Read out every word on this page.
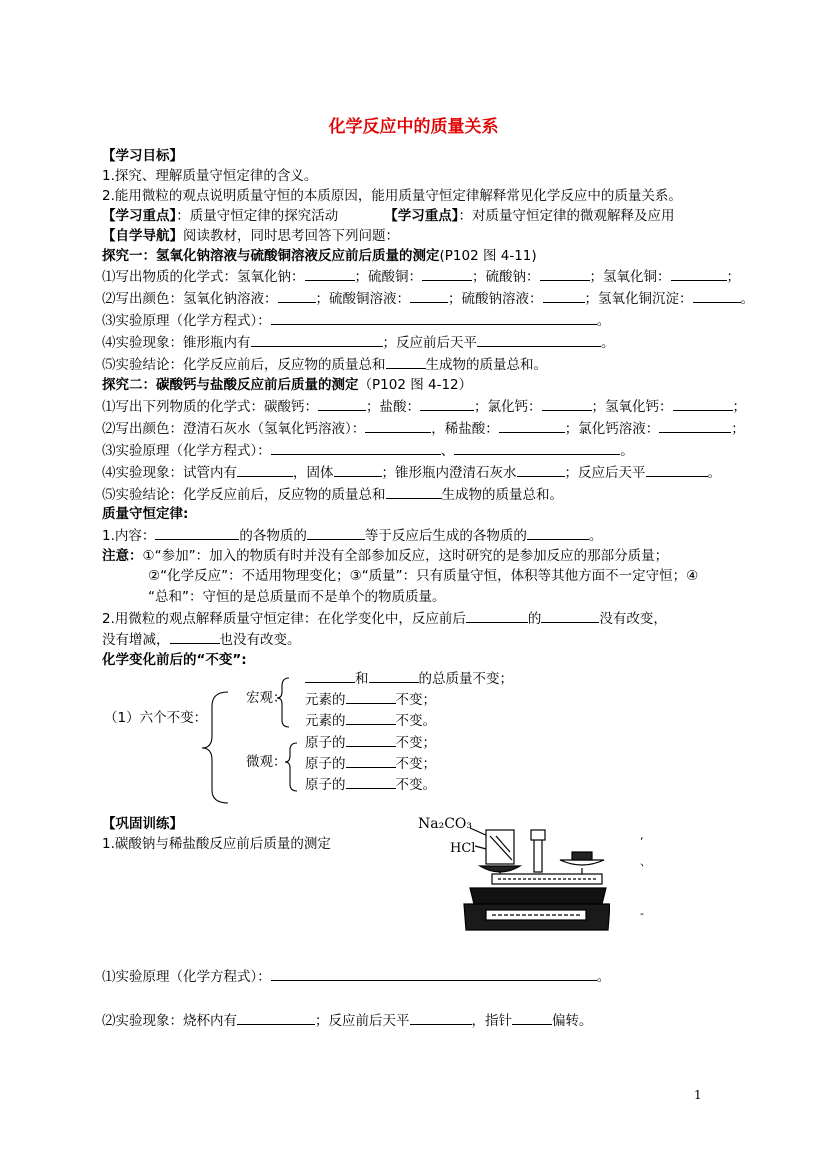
化学反应中的质量关系
【学习目标】
1.探究、理解质量守恒定律的含义。
2.能用微粒的观点说明质量守恒的本质原因，能用质量守恒定律解释常见化学反应中的质量关系。
【学习重点】：质量守恒定律的探究活动	【学习重点】：对质量守恒定律的微观解释及应用
【自学导航】阅读教材，同时思考回答下列问题：
探究一：氢氧化钠溶液与硫酸铜溶液反应前后质量的测定(P102 图 4-11)
⑴写出物质的化学式：氢氧化钠：	；硫酸铜：	；硫酸钠：	；氢氧化铜：	；
⑵写出颜色：氢氧化钠溶液：	；硫酸铜溶液：	；硫酸钠溶液：	；氢氧化铜沉淀：	。
⑶实验原理（化学方程式）：	。
⑷实验现象：锥形瓶内有	；反应前后天平	。
⑸实验结论：化学反应前后，反应物的质量总和	生成物的质量总和。
探究二：碳酸钙与盐酸反应前后质量的测定（P102 图 4-12）
⑴写出下列物质的化学式：碳酸钙：	；盐酸：	；氯化钙：	；氢氧化钙：	；
⑵写出颜色：澄清石灰水（氢氧化钙溶液）：	，稀盐酸：	；氯化钙溶液：	；
⑶实验原理（化学方程式）：	、	。
⑷实验现象：试管内有	，固体	；锥形瓶内澄清石灰水	；反应后天平	。
⑸实验结论：化学反应前后，反应物的质量总和	生成物的质量总和。
质量守恒定律:
1.内容：	的各物质的	等于反应后生成的各物质的	。
注意：①“参加”：加入的物质有时并没有全部参加反应，这时研究的是参加反应的那部分质量；
②“化学反应”：不适用物理变化；③“质量”：只有质量守恒，体积等其他方面不一定守恒；④
“总和”：守恒的是总质量而不是单个的物质质量。
2.用微粒的观点解释质量守恒定律：在化学变化中，反应前后	的	没有改变，
没有增减，	也没有改变。
化学变化前后的“不变”:
（1）六个不变：
宏观：
微观：
和	的总质量不变；
元素的	不变；
元素的	不变。
原子的	不变；
原子的	不变；
原子的	不变。
【巩固训练】
1.碳酸钠与稀盐酸反应前后质量的测定
Na₂CO₃
HCl
,
、
-
⑴实验原理（化学方程式）：	。
⑵实验现象：烧杯内有	；反应前后天平	，指针	偏转。
1
